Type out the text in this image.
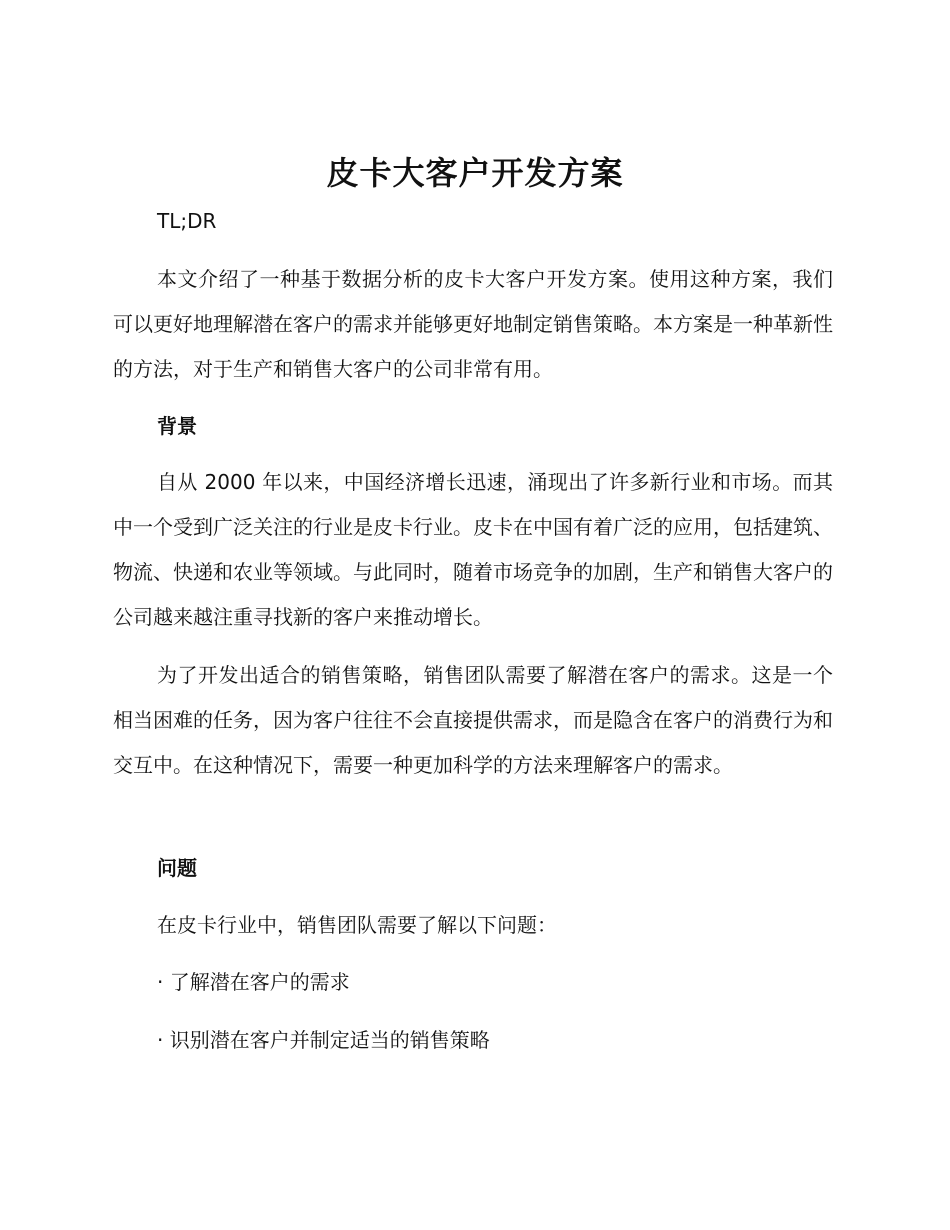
皮卡大客户开发方案
TL;DR

本文介绍了一种基于数据分析的皮卡大客户开发方案。使用这种方案，我们可以更好地理解潜在客户的需求并能够更好地制定销售策略。本方案是一种革新性的方法，对于生产和销售大客户的公司非常有用。

背景

自从 2000 年以来，中国经济增长迅速，涌现出了许多新行业和市场。而其中一个受到广泛关注的行业是皮卡行业。皮卡在中国有着广泛的应用，包括建筑、物流、快递和农业等领域。与此同时，随着市场竞争的加剧，生产和销售大客户的公司越来越注重寻找新的客户来推动增长。

为了开发出适合的销售策略，销售团队需要了解潜在客户的需求。这是一个相当困难的任务，因为客户往往不会直接提供需求，而是隐含在客户的消费行为和交互中。在这种情况下，需要一种更加科学的方法来理解客户的需求。

问题
在皮卡行业中，销售团队需要了解以下问题：
· 了解潜在客户的需求
· 识别潜在客户并制定适当的销售策略
